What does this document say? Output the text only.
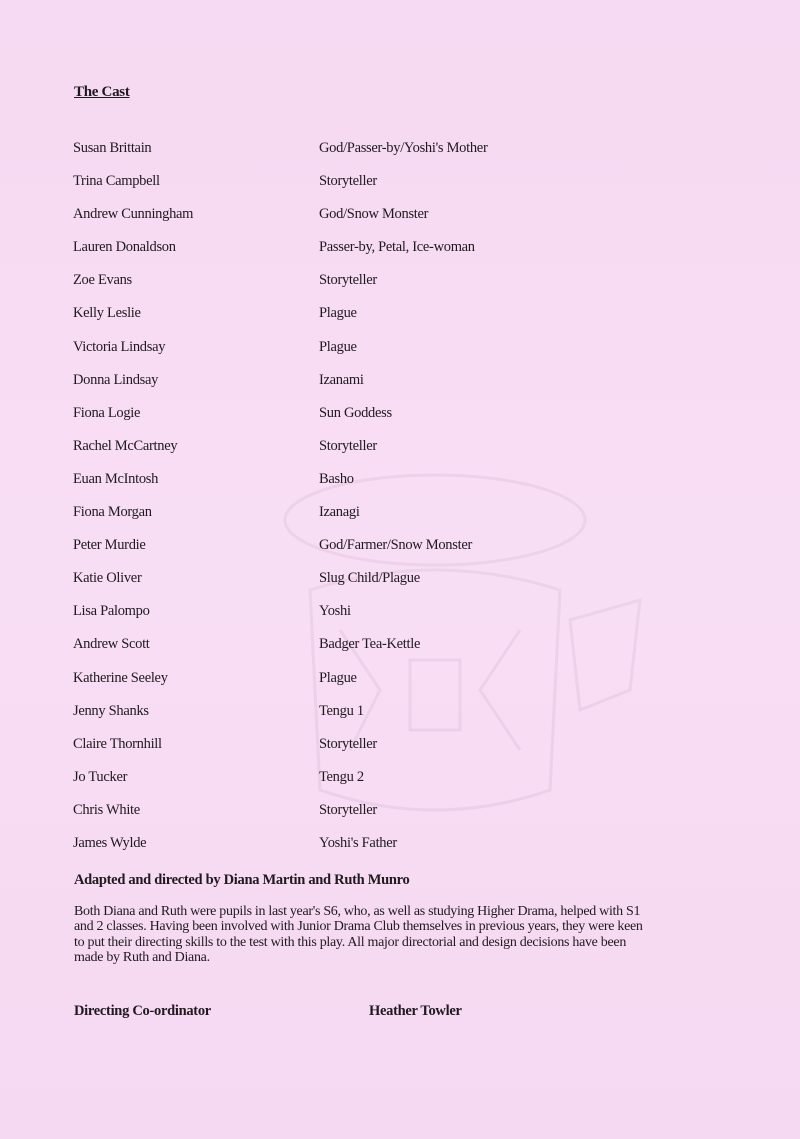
The Cast
Susan Brittain	God/Passer-by/Yoshi's Mother
Trina Campbell	Storyteller
Andrew Cunningham	God/Snow Monster
Lauren Donaldson	Passer-by, Petal, Ice-woman
Zoe Evans	Storyteller
Kelly Leslie	Plague
Victoria Lindsay	Plague
Donna Lindsay	Izanami
Fiona Logie	Sun Goddess
Rachel McCartney	Storyteller
Euan McIntosh	Basho
Fiona Morgan	Izanagi
Peter Murdie	God/Farmer/Snow Monster
Katie Oliver	Slug Child/Plague
Lisa Palompo	Yoshi
Andrew Scott	Badger Tea-Kettle
Katherine Seeley	Plague
Jenny Shanks	Tengu 1
Claire Thornhill	Storyteller
Jo Tucker	Tengu 2
Chris White	Storyteller
James Wylde	Yoshi's Father
Adapted and directed by Diana Martin and Ruth Munro

Both Diana and Ruth were pupils in last year's S6, who, as well as studying Higher Drama, helped with S1 and 2 classes. Having been involved with Junior Drama Club themselves in previous years, they were keen to put their directing skills to the test with this play. All major directorial and design decisions have been made by Ruth and Diana.

Directing Co-ordinator	Heather Towler
